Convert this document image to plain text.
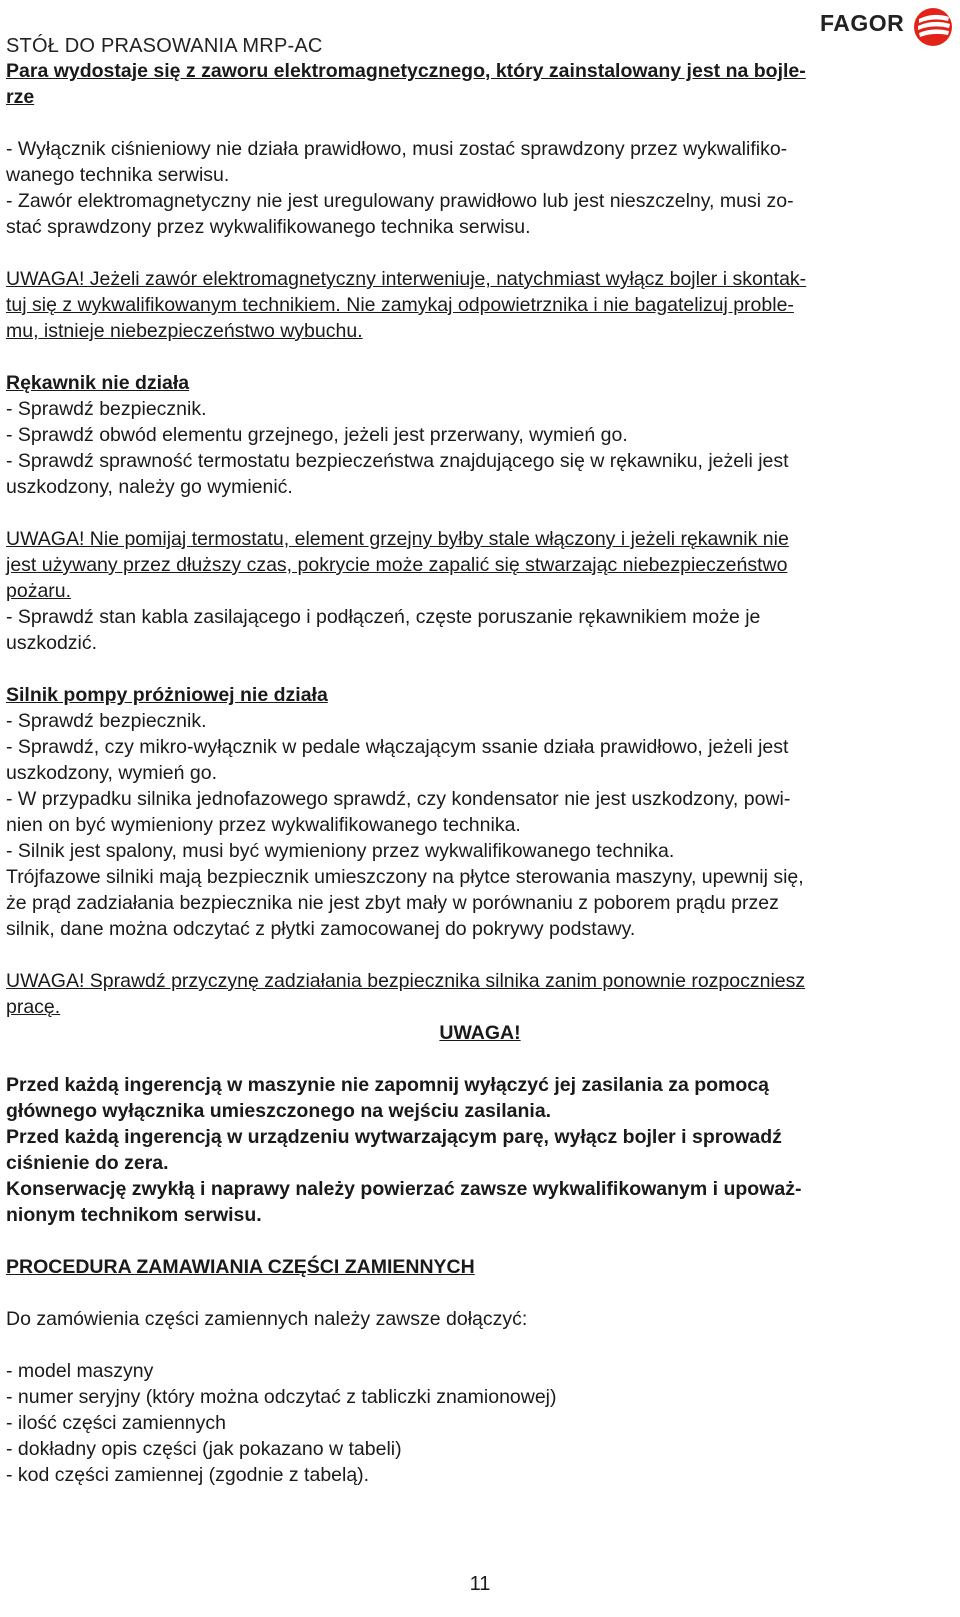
FAGOR
STÓŁ DO PRASOWANIA MRP-AC

Para wydostaje się z zaworu elektromagnetycznego, który zainstalowany jest na bojle-

rze

- Wyłącznik ciśnieniowy nie działa prawidłowo, musi zostać sprawdzony przez wykwalifiko-

wanego technika serwisu.

- Zawór elektromagnetyczny nie jest uregulowany prawidłowo lub jest nieszczelny, musi zo-

stać sprawdzony przez wykwalifikowanego technika serwisu.

UWAGA! Jeżeli zawór elektromagnetyczny interweniuje, natychmiast wyłącz bojler i skontak-

tuj się z wykwalifikowanym technikiem. Nie zamykaj odpowietrznika i nie bagatelizuj proble-

mu, istnieje niebezpieczeństwo wybuchu.

Rękawnik nie działa

- Sprawdź bezpiecznik.

- Sprawdź obwód elementu grzejnego, jeżeli jest przerwany, wymień go.

- Sprawdź sprawność termostatu bezpieczeństwa znajdującego się w rękawniku, jeżeli jest

uszkodzony, należy go wymienić.

UWAGA! Nie pomijaj termostatu, element grzejny byłby stale włączony i jeżeli rękawnik nie

jest używany przez dłuższy czas, pokrycie może zapalić się stwarzając niebezpieczeństwo

pożaru.

- Sprawdź stan kabla zasilającego i podłączeń, częste poruszanie rękawnikiem może je

uszkodzić.

Silnik pompy próżniowej nie działa

- Sprawdź bezpiecznik.

- Sprawdź, czy mikro-wyłącznik w pedale włączającym ssanie działa prawidłowo, jeżeli jest

uszkodzony, wymień go.

- W przypadku silnika jednofazowego sprawdź, czy kondensator nie jest uszkodzony, powi-

nien on być wymieniony przez wykwalifikowanego technika.

- Silnik jest spalony, musi być wymieniony przez wykwalifikowanego technika.

Trójfazowe silniki mają bezpiecznik umieszczony na płytce sterowania maszyny, upewnij się,

że prąd zadziałania bezpiecznika nie jest zbyt mały w porównaniu z poborem prądu przez

silnik, dane można odczytać z płytki zamocowanej do pokrywy podstawy.

UWAGA! Sprawdź przyczynę zadziałania bezpiecznika silnika zanim ponownie rozpoczniesz

pracę.

UWAGA!

Przed każdą ingerencją w maszynie nie zapomnij wyłączyć jej zasilania za pomocą

głównego wyłącznika umieszczonego na wejściu zasilania.

Przed każdą ingerencją w urządzeniu wytwarzającym parę, wyłącz bojler i sprowadź

ciśnienie do zera.

Konserwację zwykłą i naprawy należy powierzać zawsze wykwalifikowanym i upoważ-

nionym technikom serwisu.

PROCEDURA ZAMAWIANIA CZĘŚCI ZAMIENNYCH

Do zamówienia części zamiennych należy zawsze dołączyć:

- model maszyny

- numer seryjny (który można odczytać z tabliczki znamionowej)

- ilość części zamiennych

- dokładny opis części (jak pokazano w tabeli)

- kod części zamiennej (zgodnie z tabelą).

11
